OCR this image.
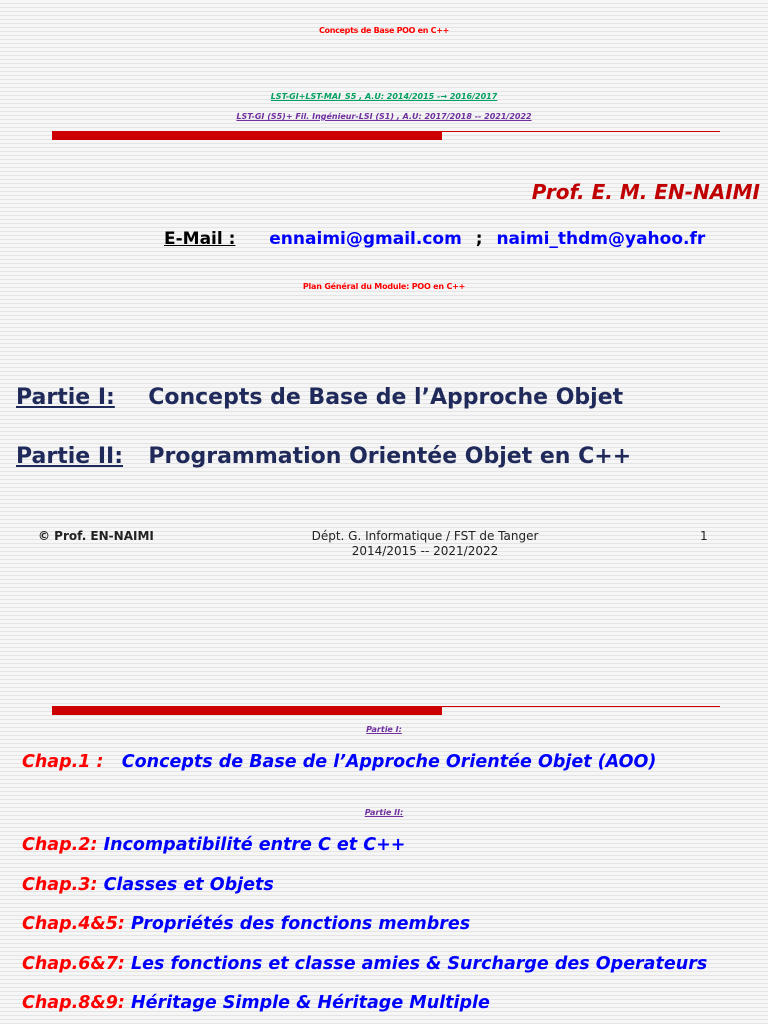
Concepts de Base POO en C++
LST-GI+LST-MAI_S5 , A.U: 2014/2015 -→ 2016/2017
LST-GI (S5)+ Fil. Ingénieur-LSI (S1) , A.U: 2017/2018 -- 2021/2022
Prof. E. M. EN-NAIMI
E-Mail : ennaimi@gmail.com ; naimi_thdm@yahoo.fr
Plan Général du Module: POO en C++
Partie I: Concepts de Base de l’Approche Objet
Partie II: Programmation Orientée Objet en C++
© Prof. EN-NAIMI	Dépt. G. Informatique / FST de Tanger
2014/2015 -- 2021/2022
1
Partie I:
Chap.1 : Concepts de Base de l’Approche Orientée Objet (AOO)
Partie II:
Chap.2: Incompatibilité entre C et C++
Chap.3: Classes et Objets
Chap.4&5: Propriétés des fonctions membres
Chap.6&7: Les fonctions et classe amies & Surcharge des Operateurs
Chap.8&9: Héritage Simple & Héritage Multiple
